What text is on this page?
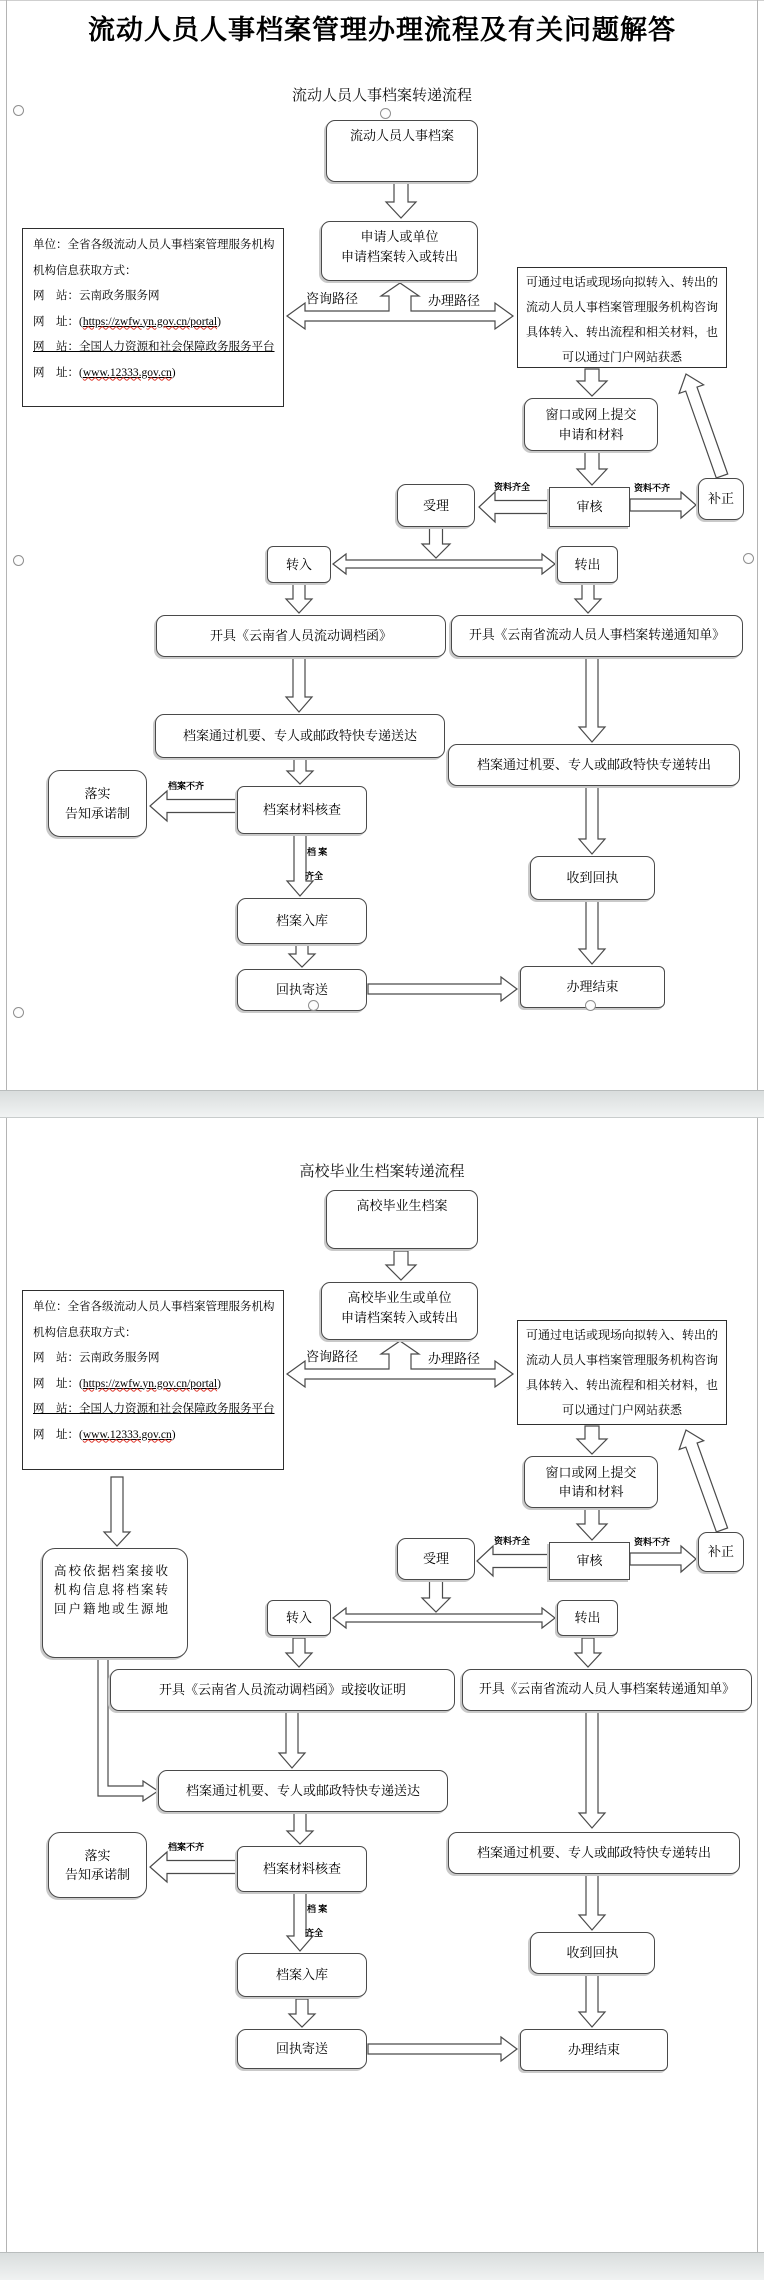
流动人员人事档案管理办理流程及有关问题解答
流动人员人事档案转递流程
高校毕业生档案转递流程
流动人员人事档案
申请人或单位
申请档案转入或转出
单位：全省各级流动人员人事档案管理服务机构
机构信息获取方式：
网　站：云南政务服务网
网　址：(https://zwfw.yn.gov.cn/portal)
网　站：全国人力资源和社会保障政务服务平台
网　址：(www.12333.gov.cn)
可通过电话或现场向拟转入、转出的流动人员人事档案管理服务机构咨询具体转入、转出流程和相关材料，也可以通过门户网站获悉
咨询路径	办理路径
窗口或网上提交
申请和材料
审核
受理	补正
资料齐全	资料不齐
转入	转出
开具《云南省人员流动调档函》	开具《云南省流动人员人事档案转递通知单》
档案通过机要、专人或邮政特快专递送达
档案材料核查
落实
告知承诺制
档案不齐
档 案
齐全
档案入库
回执寄送
档案通过机要、专人或邮政特快专递转出
收到回执
办理结束
高校毕业生档案
高校毕业生或单位
申请档案转入或转出
单位：全省各级流动人员人事档案管理服务机构
机构信息获取方式：
网　站：云南政务服务网
网　址：(https://zwfw.yn.gov.cn/portal)
网　站：全国人力资源和社会保障政务服务平台
网　址：(www.12333.gov.cn)
可通过电话或现场向拟转入、转出的流动人员人事档案管理服务机构咨询具体转入、转出流程和相关材料，也可以通过门户网站获悉
咨询路径	办理路径
窗口或网上提交
申请和材料
高校依据档案接收
机构信息将档案转
回户籍地或生源地
审核
受理	补正
资料齐全	资料不齐
转入	转出
开具《云南省人员流动调档函》或接收证明	开具《云南省流动人员人事档案转递通知单》
档案通过机要、专人或邮政特快专递送达
档案材料核查
落实
告知承诺制
档案不齐
档 案
齐全
档案入库
回执寄送
档案通过机要、专人或邮政特快专递转出
收到回执
办理结束
